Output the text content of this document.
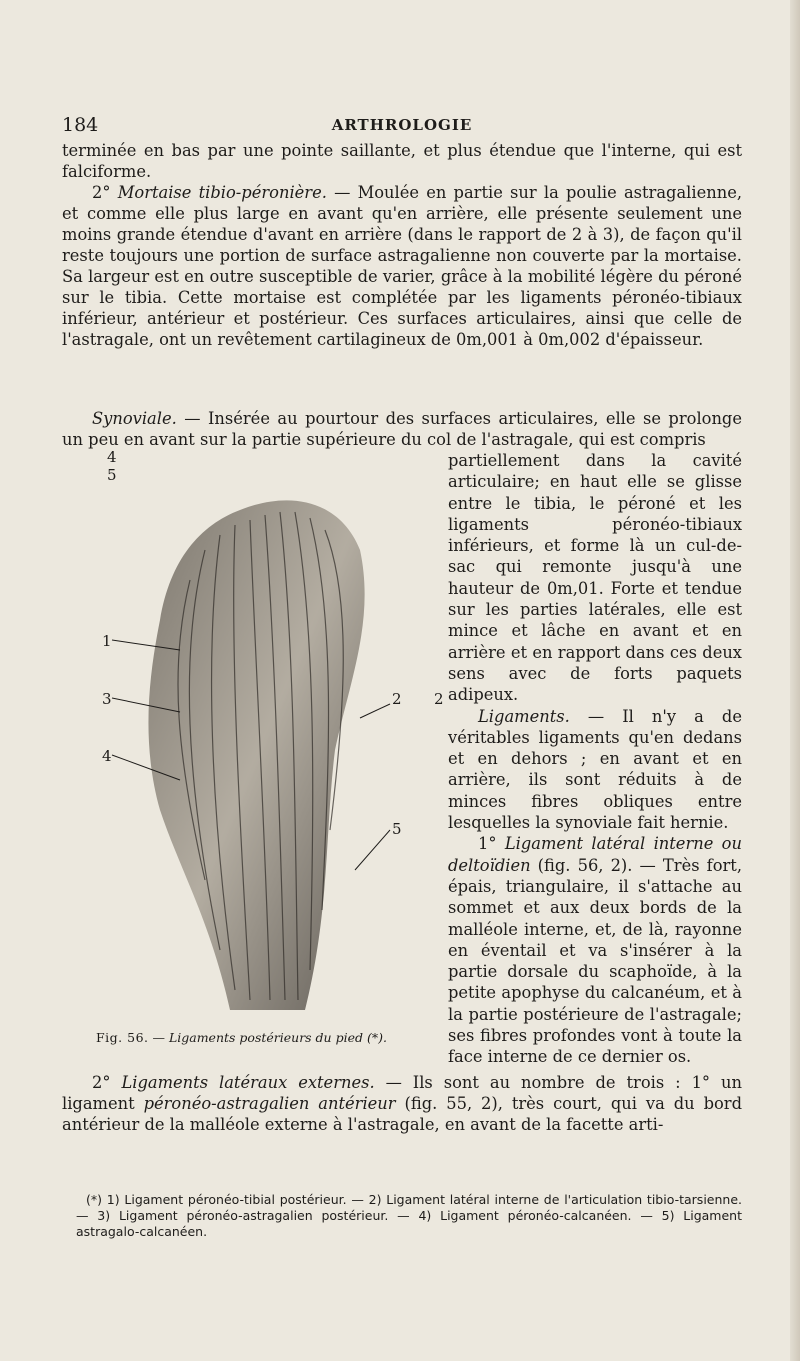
184	ARTHROLOGIE

terminée en bas par une pointe saillante, et plus étendue que l'interne, qui est falciforme.

2° Mortaise tibio-péronière. — Moulée en partie sur la poulie astragalienne, et comme elle plus large en avant qu'en arrière, elle présente seulement une moins grande étendue d'avant en arrière (dans le rapport de 2 à 3), de façon qu'il reste toujours une portion de surface astragalienne non couverte par la mortaise. Sa largeur est en outre susceptible de varier, grâce à la mobilité légère du péroné sur le tibia. Cette mortaise est complétée par les ligaments péronéo-tibiaux inférieur, antérieur et postérieur. Ces surfaces articulaires, ainsi que celle de l'astragale, ont un revêtement cartilagineux de 0m,001 à 0m,002 d'épaisseur.

Synoviale. — Insérée au pourtour des surfaces articulaires, elle se prolonge un peu en avant sur la partie supérieure du col de l'astragale, qui est compris

4
5
1
3
4
2 2
5
Fig. 56. — Ligaments postérieurs du pied (*).

partiellement dans la cavité articulaire; en haut elle se glisse entre le tibia, le péroné et les ligaments péronéo-tibiaux inférieurs, et forme là un cul-de-sac qui remonte jusqu'à une hauteur de 0m,01. Forte et tendue sur les parties latérales, elle est mince et lâche en avant et en arrière et en rapport dans ces deux sens avec de forts paquets adipeux.

Ligaments. — Il n'y a de véritables ligaments qu'en dedans et en dehors ; en avant et en arrière, ils sont réduits à de minces fibres obliques entre lesquelles la synoviale fait hernie.

1° Ligament latéral interne ou deltoïdien (fig. 56, 2). — Très fort, épais, triangulaire, il s'attache au sommet et aux deux bords de la malléole interne, et, de là, rayonne en éventail et va s'insérer à la partie dorsale du scaphoïde, à la petite apophyse du calcanéum, et à la partie postérieure de l'astragale; ses fibres profondes vont à toute la face interne de ce dernier os.

2° Ligaments latéraux externes. — Ils sont au nombre de trois : 1° un ligament péronéo-astragalien antérieur (fig. 55, 2), très court, qui va du bord antérieur de la malléole externe à l'astragale, en avant de la facette arti-

(*) 1) Ligament péronéo-tibial postérieur. — 2) Ligament latéral interne de l'articulation tibio-tarsienne. — 3) Ligament péronéo-astragalien postérieur. — 4) Ligament péronéo-calcanéen. — 5) Ligament astragalo-calcanéen.
